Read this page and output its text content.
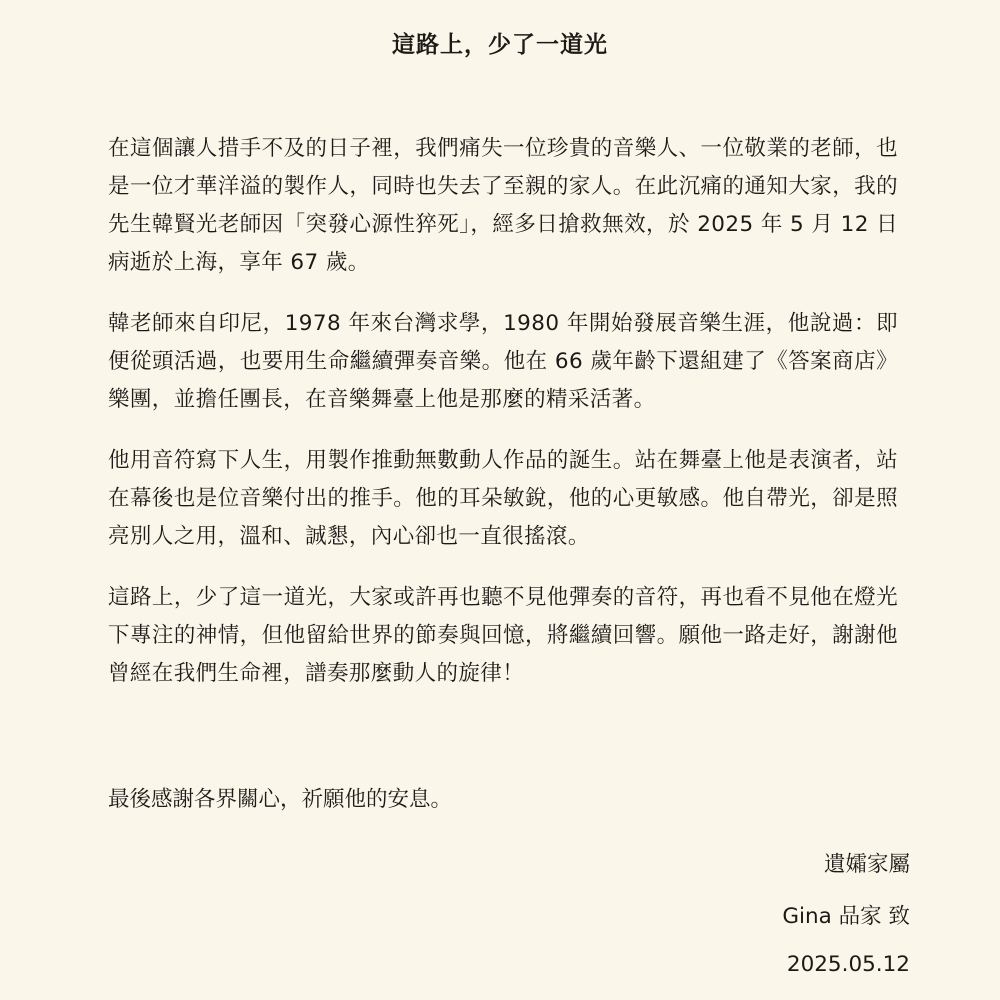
這路上，少了一道光

在這個讓人措手不及的日子裡，我們痛失一位珍貴的音樂人、一位敬業的老師，也是一位才華洋溢的製作人，同時也失去了至親的家人。在此沉痛的通知大家，我的先生韓賢光老師因「突發心源性猝死」，經多日搶救無效，於 2025 年 5 月 12 日病逝於上海，享年 67 歲。

韓老師來自印尼，1978 年來台灣求學，1980 年開始發展音樂生涯，他說過：即便從頭活過，也要用生命繼續彈奏音樂。他在 66 歲年齡下還組建了《答案商店》樂團，並擔任團長，在音樂舞臺上他是那麼的精采活著。

他用音符寫下人生，用製作推動無數動人作品的誕生。站在舞臺上他是表演者，站在幕後也是位音樂付出的推手。他的耳朵敏銳，他的心更敏感。他自帶光，卻是照亮別人之用，溫和、誠懇，內心卻也一直很搖滾。

這路上，少了這一道光，大家或許再也聽不見他彈奏的音符，再也看不見他在燈光下專注的神情，但他留給世界的節奏與回憶，將繼續回響。願他一路走好，謝謝他曾經在我們生命裡，譜奏那麼動人的旋律！

最後感謝各界關心，祈願他的安息。

遺孀家屬

Gina 品家 致

2025.05.12
